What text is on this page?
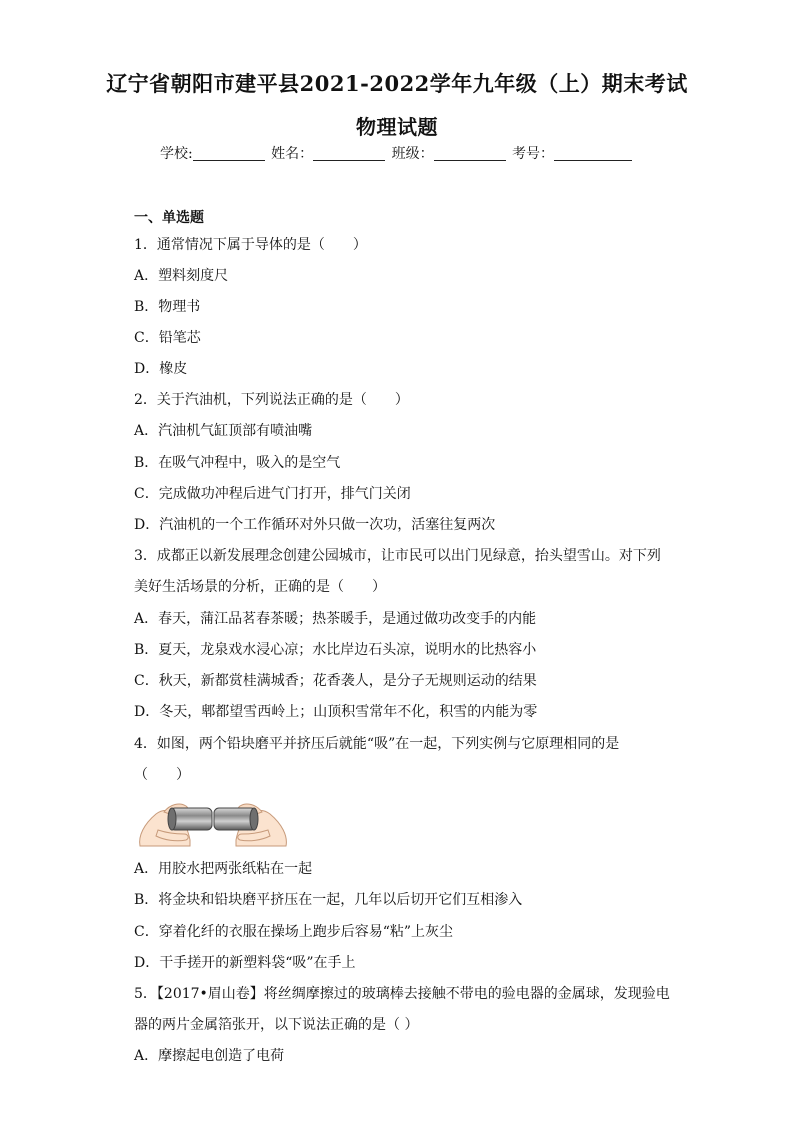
辽宁省朝阳市建平县2021-2022学年九年级（上）期末考试
物理试题
学校:	姓名：	班级：	考号：
一、单选题
1．通常情况下属于导体的是（　　）
A．塑料刻度尺
B．物理书
C．铅笔芯
D．橡皮
2．关于汽油机，下列说法正确的是（　　）
A．汽油机气缸顶部有喷油嘴
B．在吸气冲程中，吸入的是空气
C．完成做功冲程后进气门打开，排气门关闭
D．汽油机的一个工作循环对外只做一次功，活塞往复两次
3．成都正以新发展理念创建公园城市，让市民可以出门见绿意，抬头望雪山。对下列
美好生活场景的分析，正确的是（　　）
A．春天，蒲江品茗春茶暖；热茶暖手，是通过做功改变手的内能
B．夏天，龙泉戏水浸心凉；水比岸边石头凉，说明水的比热容小
C．秋天，新都赏桂满城香；花香袭人，是分子无规则运动的结果
D．冬天，郫都望雪西岭上；山顶积雪常年不化，积雪的内能为零
4．如图，两个铅块磨平并挤压后就能“吸”在一起，下列实例与它原理相同的是
（　　）
A．用胶水把两张纸粘在一起
B．将金块和铅块磨平挤压在一起，几年以后切开它们互相渗入
C．穿着化纤的衣服在操场上跑步后容易“粘”上灰尘
D．干手搓开的新塑料袋“吸”在手上
5．【2017•眉山卷】将丝绸摩擦过的玻璃棒去接触不带电的验电器的金属球，发现验电
器的两片金属箔张开，以下说法正确的是（ ）
A．摩擦起电创造了电荷
